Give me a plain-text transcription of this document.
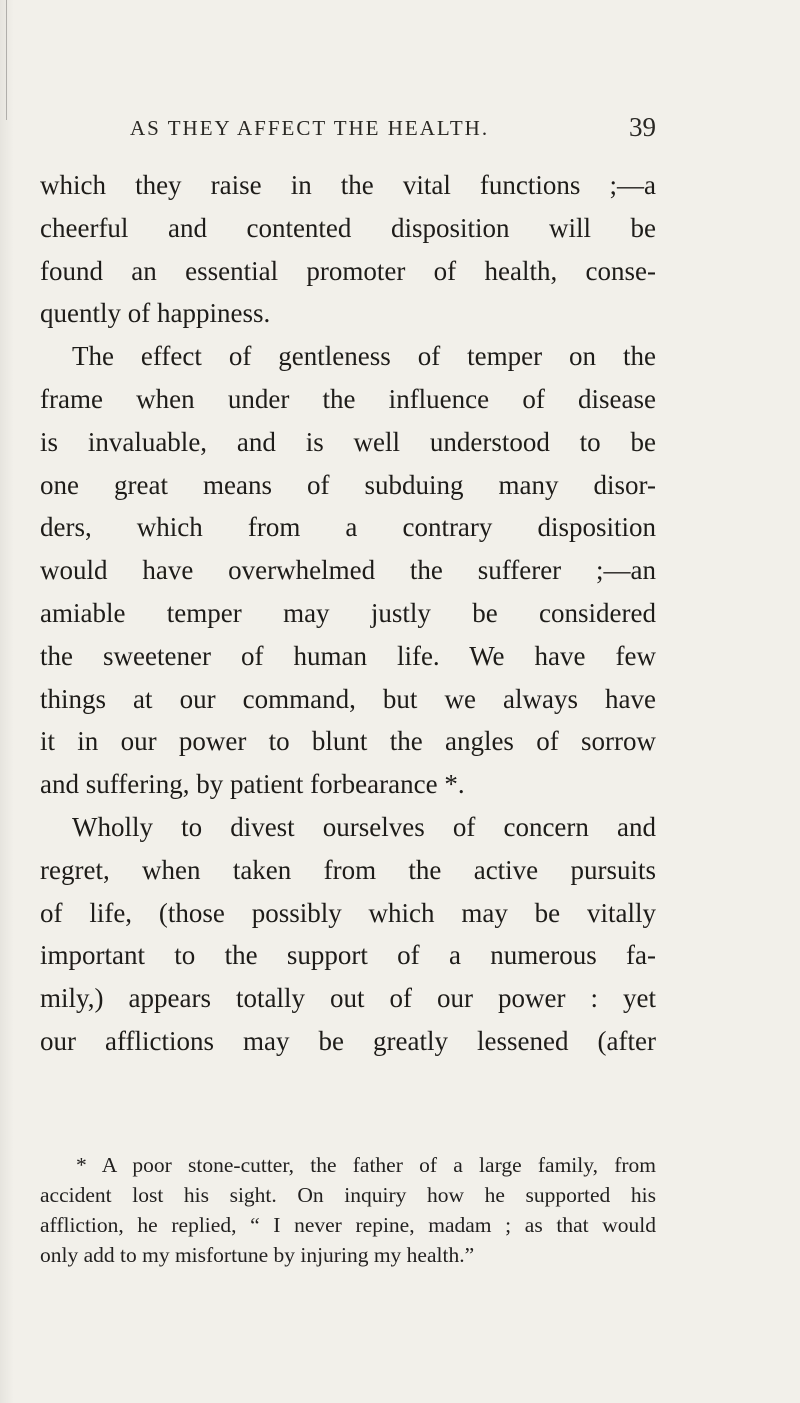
AS THEY AFFECT THE HEALTH.	39
which they raise in the vital functions ;—a
cheerful and contented disposition will be
found an essential promoter of health, conse-
quently of happiness.
The effect of gentleness of temper on the
frame when under the influence of disease
is invaluable, and is well understood to be
one great means of subduing many disor-
ders, which from a contrary disposition
would have overwhelmed the sufferer ;—an
amiable temper may justly be considered
the sweetener of human life. We have few
things at our command, but we always have
it in our power to blunt the angles of sorrow
and suffering, by patient forbearance *.
Wholly to divest ourselves of concern and
regret, when taken from the active pursuits
of life, (those possibly which may be vitally
important to the support of a numerous fa-
mily,) appears totally out of our power : yet
our afflictions may be greatly lessened (after
* A poor stone-cutter, the father of a large family, from
accident lost his sight. On inquiry how he supported his
affliction, he replied, “ I never repine, madam ; as that would
only add to my misfortune by injuring my health.”
